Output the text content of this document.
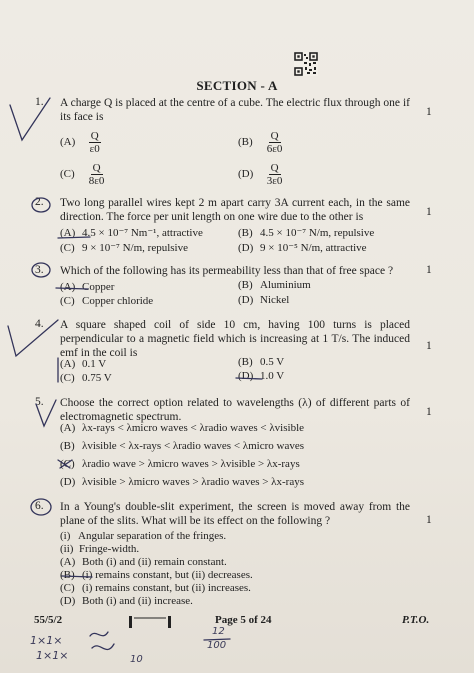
SECTION - A
1. A charge Q is placed at the centre of a cube. The electric flux through one if its face is	1
$(A) \frac{Q}{\varepsilon 0}$	$(B) \frac{Q}{6\varepsilon 0}$
$(C) \frac{Q}{8\varepsilon 0}$	$(D) \frac{Q}{3\varepsilon 0}$
2. Two long parallel wires kept 2 m apart carry 3A current each, in the same direction. The force per unit length on one wire due to the other is	1
(A) 4.5 × 10⁻⁷ Nm⁻¹, attractive	(B) 4.5 × 10⁻⁷ N/m, repulsive
(C) 9 × 10⁻⁷ N/m, repulsive	(D) 9 × 10⁻⁵ N/m, attractive
3. Which of the following has its permeability less than that of free space ?	1
(A) Copper	(B) Aluminium
(C) Copper chloride	(D) Nickel
4. A square shaped coil of side 10 cm, having 100 turns is placed perpendicular to a magnetic field which is increasing at 1 T/s. The induced emf in the coil is
1
(A) 0.1 V	(B) 0.5 V
(C) 0.75 V	(D) 1.0 V
5. Choose the correct option related to wavelengths (λ) of different parts of electromagnetic spectrum.	1
(A) λx-rays < λmicro waves < λradio waves < λvisible
(B) λvisible < λx-rays < λradio waves < λmicro waves
(C) λradio wave > λmicro waves > λvisible > λx-rays
(D) λvisible > λmicro waves > λradio waves > λx-rays
6. In a Young's double-slit experiment, the screen is moved away from the plane of the slits. What will be its effect on the following ?	1
(i)   Angular separation of the fringes.
(ii)  Fringe-width.
(A) Both (i) and (ii) remain constant.
(B) (i) remains constant, but (ii) decreases.
(C) (i) remains constant, but (ii) increases.
(D) Both (i) and (ii) increase.
55/5/2	Page 5 of 24	P.T.O.
1×1×
1×1×
12
100
10
